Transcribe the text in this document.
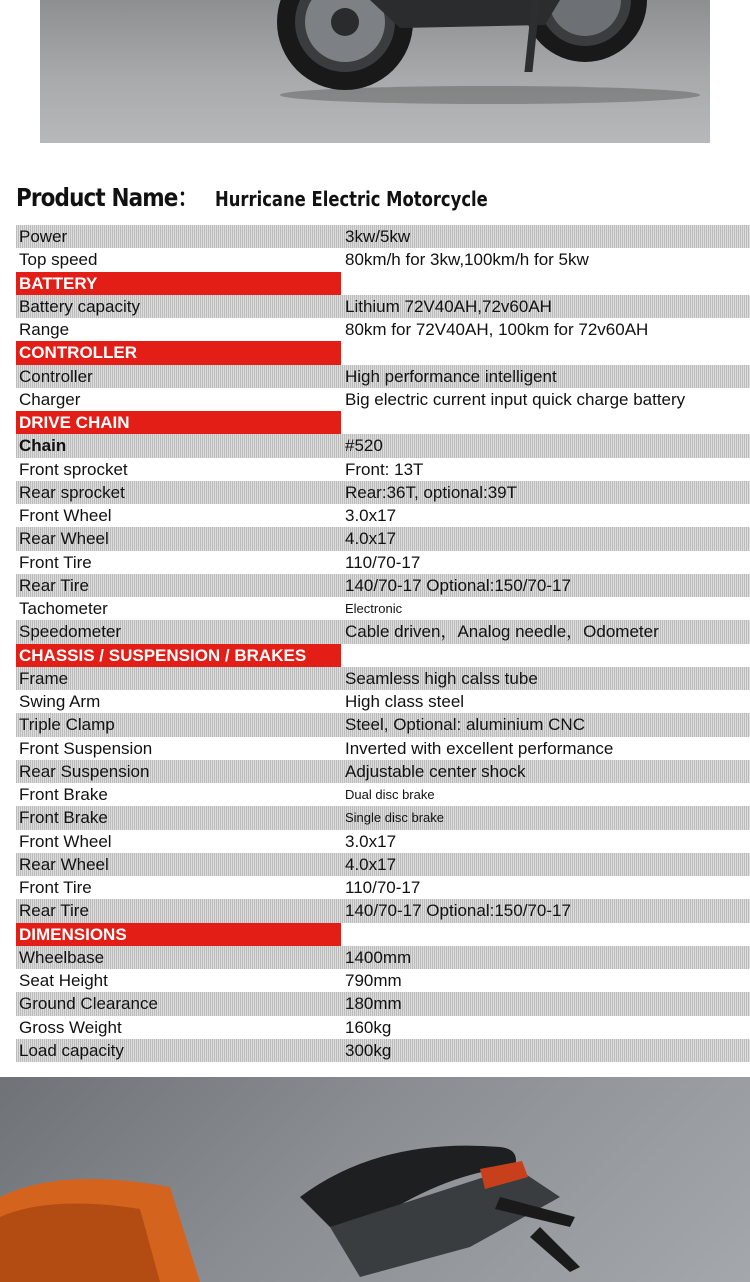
Product Name： Hurricane Electric Motorcycle
Power	3kw/5kw
Top speed	80km/h for 3kw,100km/h for 5kw
BATTERY
Battery capacity	Lithium 72V40AH,72v60AH
Range	80km for 72V40AH, 100km for 72v60AH
CONTROLLER
Controller	High performance intelligent
Charger	Big electric current input quick charge battery
DRIVE CHAIN
Chain	#520
Front sprocket	Front: 13T
Rear sprocket	Rear:36T, optional:39T
Front Wheel	3.0x17
Rear Wheel	4.0x17
Front Tire	110/70-17
Rear Tire	140/70-17 Optional:150/70-17
Tachometer	Electronic
Speedometer	Cable driven，Analog needle，Odometer
CHASSIS / SUSPENSION / BRAKES
Frame	Seamless high calss tube
Swing Arm	High class steel
Triple Clamp	Steel, Optional: aluminium CNC
Front Suspension	Inverted with excellent performance
Rear Suspension	Adjustable center shock
Front Brake	Dual disc brake
Front Brake	Single disc brake
Front Wheel	3.0x17
Rear Wheel	4.0x17
Front Tire	110/70-17
Rear Tire	140/70-17 Optional:150/70-17
DIMENSIONS
Wheelbase	1400mm
Seat Height	790mm
Ground Clearance	180mm
Gross Weight	160kg
Load capacity	300kg
